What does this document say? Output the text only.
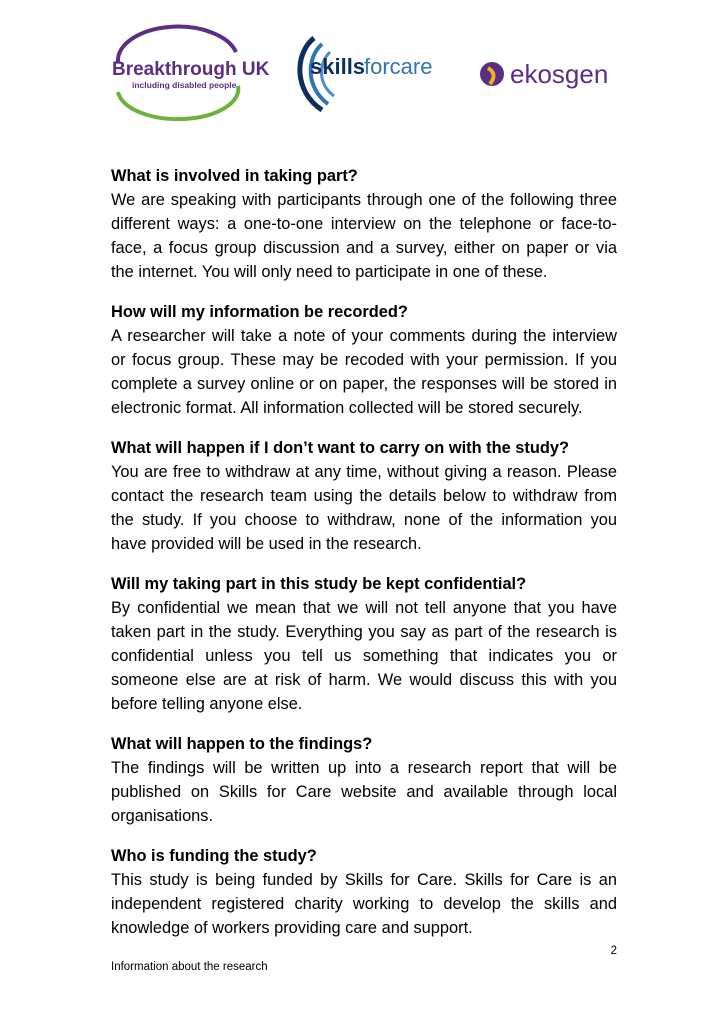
Breakthrough UK
including disabled people
skills
forcare	ekosgen
What is involved in taking part?

We are speaking with participants through one of the following three different ways: a one-to-one interview on the telephone or face-to-face, a focus group discussion and a survey, either on paper or via the internet. You will only need to participate in one of these.

How will my information be recorded?

A researcher will take a note of your comments during the interview or focus group. These may be recoded with your permission. If you complete a survey online or on paper, the responses will be stored in electronic format. All information collected will be stored securely.

What will happen if I don’t want to carry on with the study?

You are free to withdraw at any time, without giving a reason. Please contact the research team using the details below to withdraw from the study. If you choose to withdraw, none of the information you have provided will be used in the research.

Will my taking part in this study be kept confidential?

By confidential we mean that we will not tell anyone that you have taken part in the study. Everything you say as part of the research is confidential unless you tell us something that indicates you or someone else are at risk of harm. We would discuss this with you before telling anyone else.

What will happen to the findings?

The findings will be written up into a research report that will be published on Skills for Care website and available through local organisations.

Who is funding the study?

This study is being funded by Skills for Care. Skills for Care is an independent registered charity working to develop the skills and knowledge of workers providing care and support.

2
Information about the research
